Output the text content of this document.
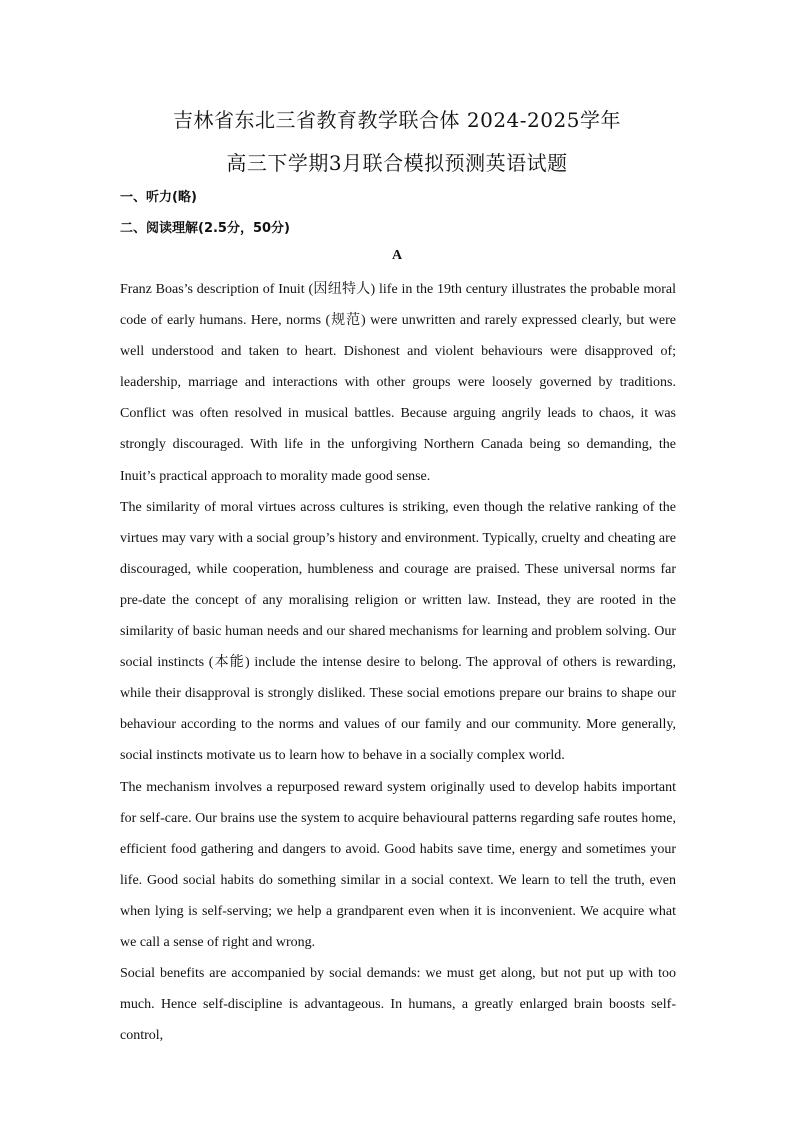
吉林省东北三省教育教学联合体 2024-2025学年
高三下学期3月联合模拟预测英语试题
一、听力(略)
二、阅读理解(2.5分，50分)
A

Franz Boas’s description of Inuit (因纽特人) life in the 19th century illustrates the probable moral code of early humans. Here, norms (规范) were unwritten and rarely expressed clearly, but were well understood and taken to heart. Dishonest and violent behaviours were disapproved of; leadership, marriage and interactions with other groups were loosely governed by traditions. Conflict was often resolved in musical battles. Because arguing angrily leads to chaos, it was strongly discouraged. With life in the unforgiving Northern Canada being so demanding, the Inuit’s practical approach to morality made good sense.

The similarity of moral virtues across cultures is striking, even though the relative ranking of the virtues may vary with a social group’s history and environment. Typically, cruelty and cheating are discouraged, while cooperation, humbleness and courage are praised. These universal norms far pre-date the concept of any moralising religion or written law. Instead, they are rooted in the similarity of basic human needs and our shared mechanisms for learning and problem solving. Our social instincts (本能) include the intense desire to belong. The approval of others is rewarding, while their disapproval is strongly disliked. These social emotions prepare our brains to shape our behaviour according to the norms and values of our family and our community. More generally, social instincts motivate us to learn how to behave in a socially complex world.

The mechanism involves a repurposed reward system originally used to develop habits important for self-care. Our brains use the system to acquire behavioural patterns regarding safe routes home, efficient food gathering and dangers to avoid. Good habits save time, energy and sometimes your life. Good social habits do something similar in a social context. We learn to tell the truth, even when lying is self-serving; we help a grandparent even when it is inconvenient. We acquire what we call a sense of right and wrong.

Social benefits are accompanied by social demands: we must get along, but not put up with too much. Hence self-discipline is advantageous. In humans, a greatly enlarged brain boosts self-control,
